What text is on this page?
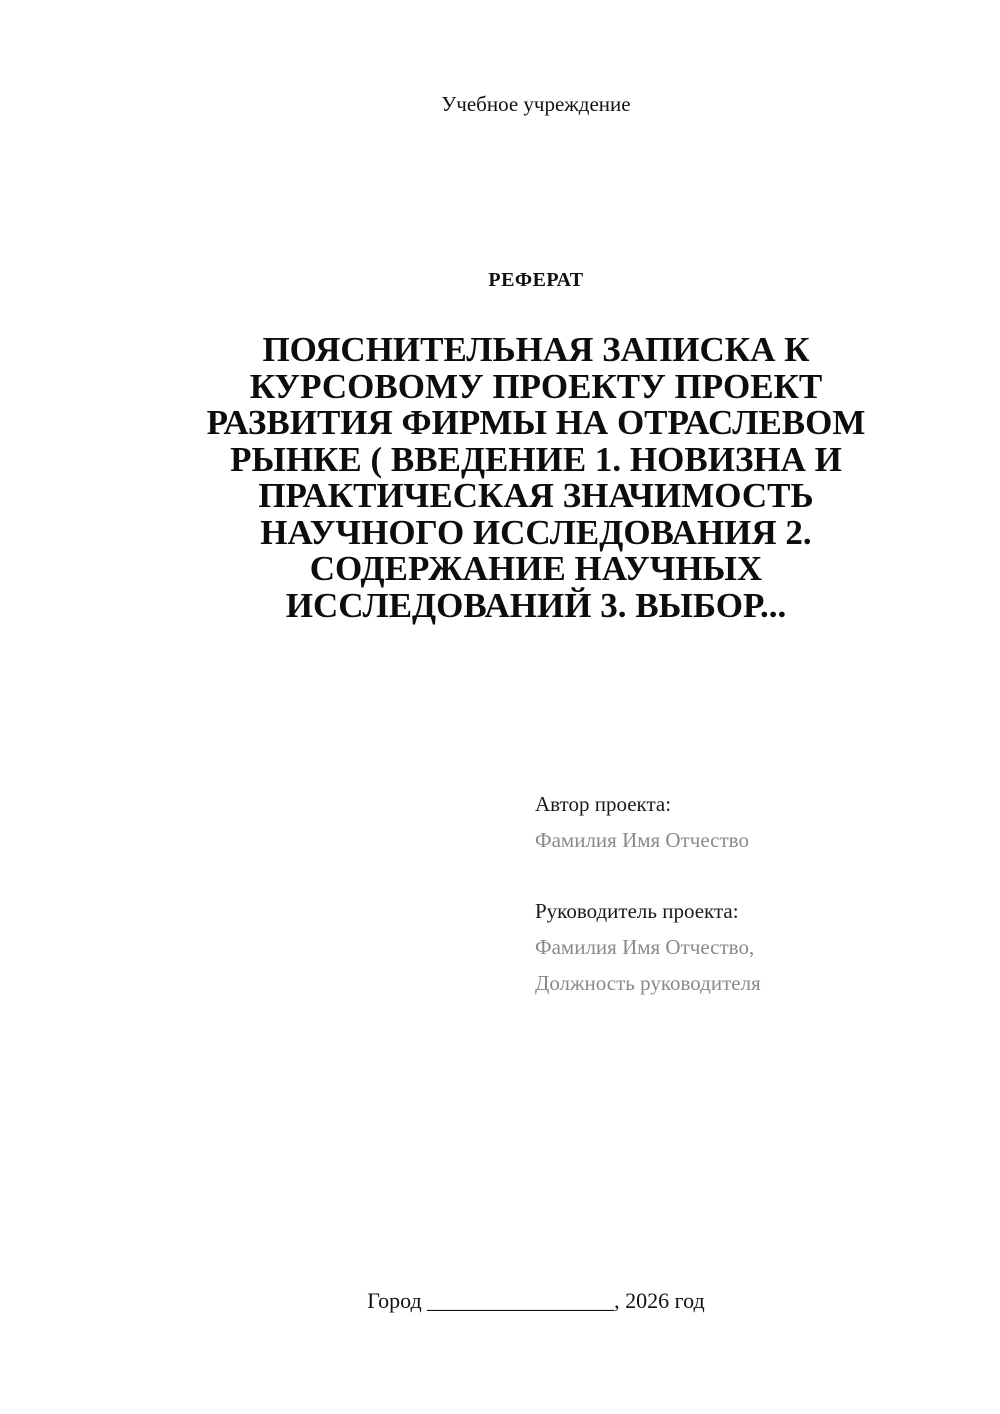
Учебное учреждение
РЕФЕРАТ
ПОЯСНИТЕЛЬНАЯ ЗАПИСКА К КУРСОВОМУ ПРОЕКТУ ПРОЕКТ РАЗВИТИЯ ФИРМЫ НА ОТРАСЛЕВОМ РЫНКЕ ( ВВЕДЕНИЕ 1. НОВИЗНА И ПРАКТИЧЕСКАЯ ЗНАЧИМОСТЬ НАУЧНОГО ИССЛЕДОВАНИЯ 2. СОДЕРЖАНИЕ НАУЧНЫХ ИССЛЕДОВАНИЙ 3. ВЫБОР...
Автор проекта:
Фамилия Имя Отчество
Руководитель проекта:
Фамилия Имя Отчество,
Должность руководителя
Город _________________, 2026 год
